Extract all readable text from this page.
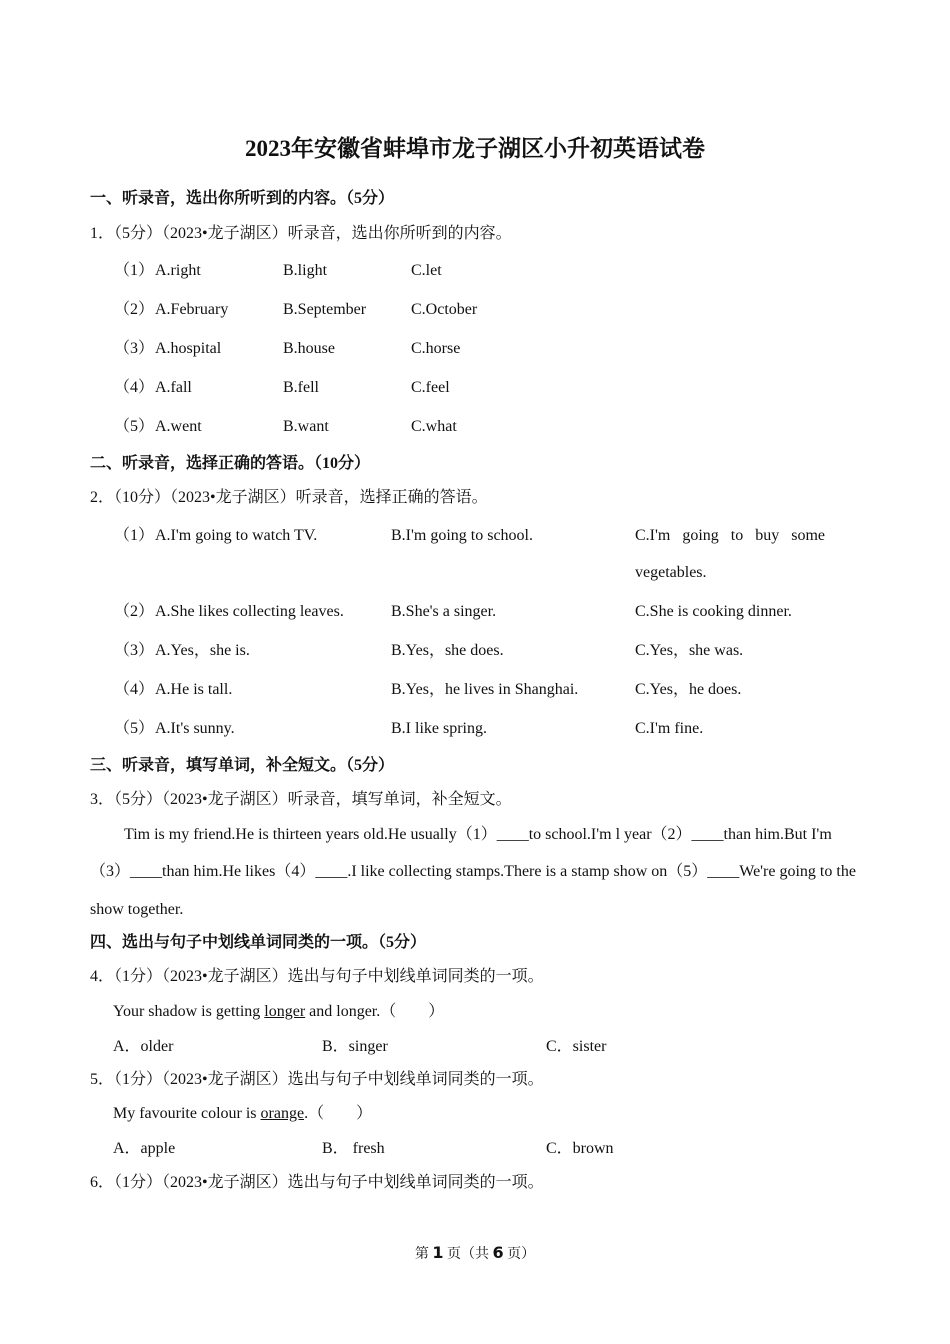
2023年安徽省蚌埠市龙子湖区小升初英语试卷
一、听录音，选出你所听到的内容。（5分）
1．（5分）（2023•龙子湖区）听录音，选出你所听到的内容。
（1） A.right	B.light	C.let
（2） A.February	B.September	C.October
（3） A.hospital	B.house	C.horse
（4） A.fall	B.fell	C.feel
（5） A.went	B.want	C.what
二、听录音，选择正确的答语。（10分）
2．（10分）（2023•龙子湖区）听录音，选择正确的答语。
（1） A.I'm going to watch TV.	B.I'm going to school.	C.I'm   going   to   buy   some
vegetables.
（2） A.She likes collecting leaves.	B.She's a singer.	C.She is cooking dinner.
（3） A.Yes，she is.	B.Yes，she does.	C.Yes，she was.
（4） A.He is tall.	B.Yes，he lives in Shanghai.	C.Yes，he does.
（5） A.It's sunny.	B.I like spring.	C.I'm fine.
三、听录音，填写单词，补全短文。（5分）
3．（5分）（2023•龙子湖区）听录音，填写单词，补全短文。
Tim is my friend.He is thirteen years old.He usually（1）____to school.I'm l year（2）____than him.But I'm
（3）____than him.He likes（4）____.I like collecting stamps.There is a stamp show on（5）____We're going to the
show together.
四、选出与句子中划线单词同类的一项。（5分）
4．（1分）（2023•龙子湖区）选出与句子中划线单词同类的一项。
Your shadow is getting longer and longer.（　　）
A．older	B．singer	C．sister
5．（1分）（2023•龙子湖区）选出与句子中划线单词同类的一项。
My favourite colour is orange.（　　）
A．apple	B． fresh	C．brown
6．（1分）（2023•龙子湖区）选出与句子中划线单词同类的一项。
第 1 页（共 6 页）
